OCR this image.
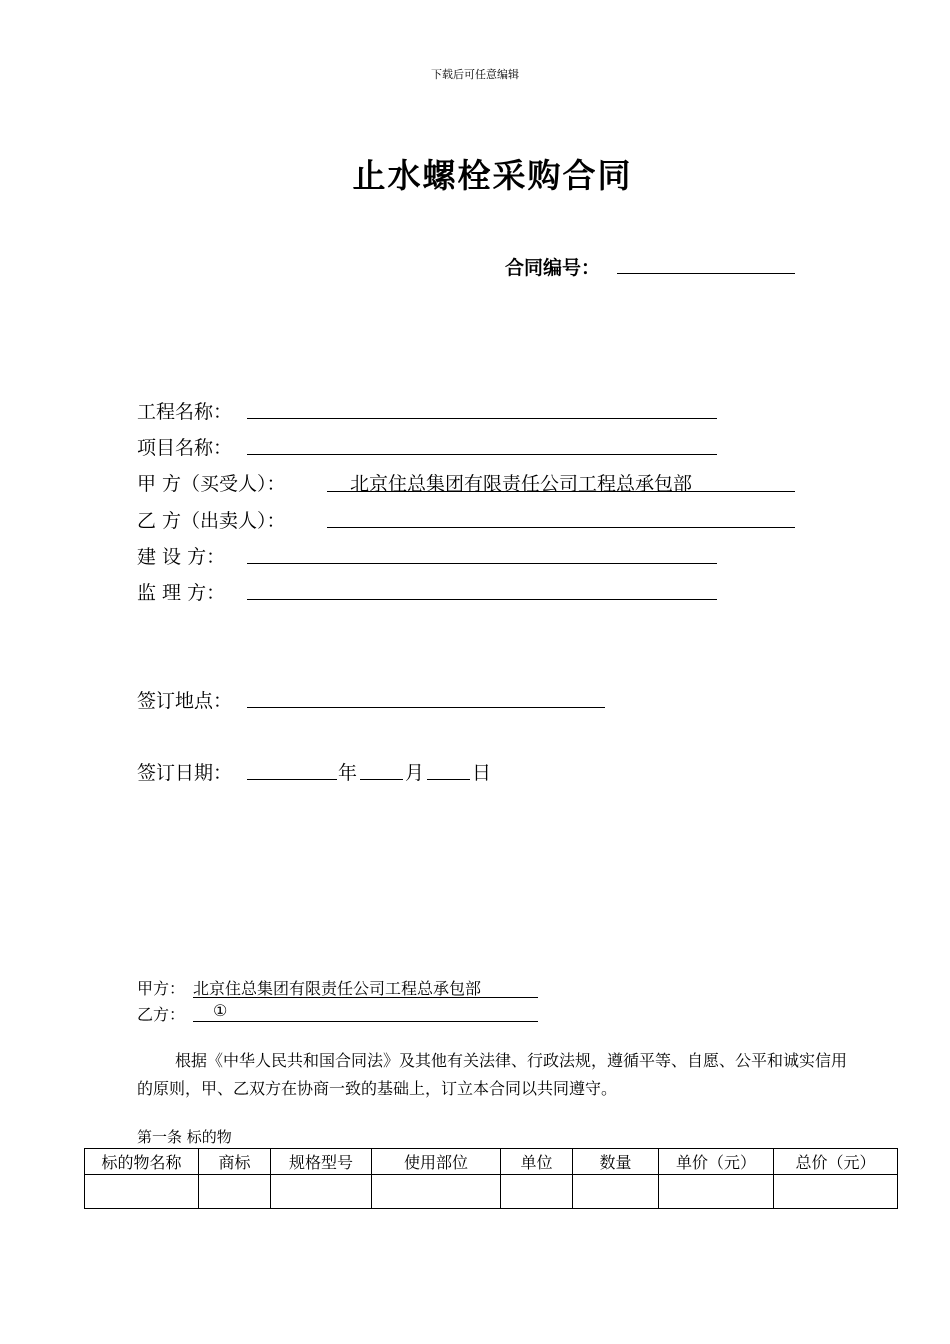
下载后可任意编辑
止水螺栓采购合同
合同编号：
工程名称：
项目名称：
甲 方（买受人）：	北京住总集团有限责任公司工程总承包部
乙 方（出卖人）：
建 设 方：
监 理 方：
签订地点：
签订日期：	年	月	日
甲方： 北京住总集团有限责任公司工程总承包部
乙方： ①
根据《中华人民共和国合同法》及其他有关法律、行政法规，遵循平等、自愿、公平和诚实信用的原则，甲、乙双方在协商一致的基础上，订立本合同以共同遵守。
第一条 标的物
标的物名称	商标	规格型号	使用部位	单位	数量	单价（元）	总价（元）
